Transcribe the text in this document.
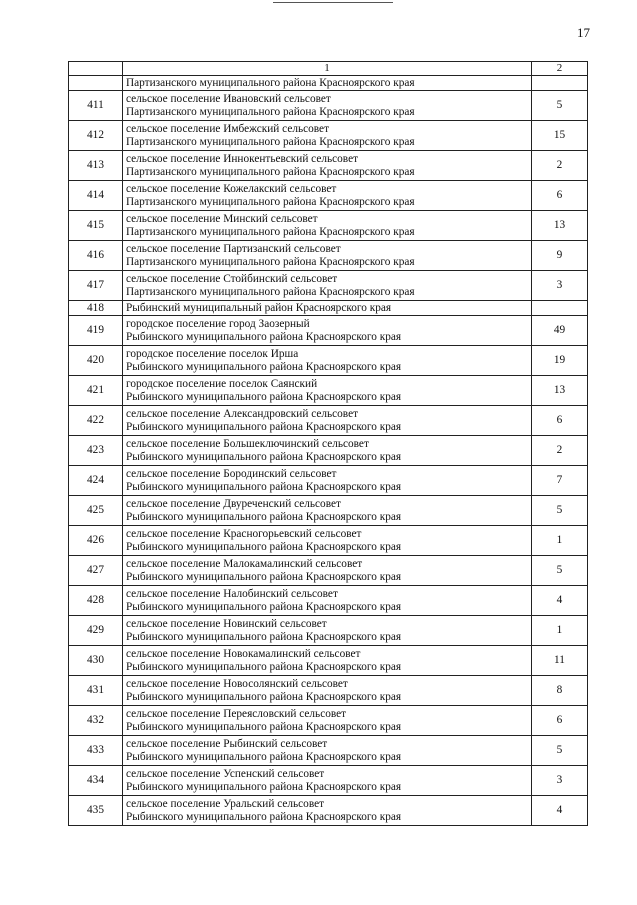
17
	1	2
	Партизанского муниципального района Красноярского края	
411	сельское поселение Ивановский сельсовет
Партизанского муниципального района Красноярского края	5
412	сельское поселение Имбежский сельсовет
Партизанского муниципального района Красноярского края	15
413	сельское поселение Иннокентьевский сельсовет
Партизанского муниципального района Красноярского края	2
414	сельское поселение Кожелакский сельсовет
Партизанского муниципального района Красноярского края	6
415	сельское поселение Минский сельсовет
Партизанского муниципального района Красноярского края	13
416	сельское поселение Партизанский сельсовет
Партизанского муниципального района Красноярского края	9
417	сельское поселение Стойбинский сельсовет
Партизанского муниципального района Красноярского края	3
418	Рыбинский муниципальный район Красноярского края	

419	городское поселение город Заозерный
Рыбинского муниципального района Красноярского края	49
420	городское поселение поселок Ирша
Рыбинского муниципального района Красноярского края	19
421	городское поселение поселок Саянский
Рыбинского муниципального района Красноярского края	13
422	сельское поселение Александровский сельсовет
Рыбинского муниципального района Красноярского края	6
423	сельское поселение Большеключинский сельсовет
Рыбинского муниципального района Красноярского края	2
424	сельское поселение Бородинский сельсовет
Рыбинского муниципального района Красноярского края	7
425	сельское поселение Двуреченский сельсовет
Рыбинского муниципального района Красноярского края	5
426	сельское поселение Красногорьевский сельсовет
Рыбинского муниципального района Красноярского края	1
427	сельское поселение Малокамалинский сельсовет
Рыбинского муниципального района Красноярского края	5
428	сельское поселение Налобинский сельсовет
Рыбинского муниципального района Красноярского края	4
429	сельское поселение Новинский сельсовет
Рыбинского муниципального района Красноярского края	1
430	сельское поселение Новокамалинский сельсовет
Рыбинского муниципального района Красноярского края	11
431	сельское поселение Новосолянский сельсовет
Рыбинского муниципального района Красноярского края	8
432	сельское поселение Переясловский сельсовет
Рыбинского муниципального района Красноярского края	6
433	сельское поселение Рыбинский сельсовет
Рыбинского муниципального района Красноярского края	5
434	сельское поселение Успенский сельсовет
Рыбинского муниципального района Красноярского края	3
435	сельское поселение Уральский сельсовет
Рыбинского муниципального района Красноярского края	4
